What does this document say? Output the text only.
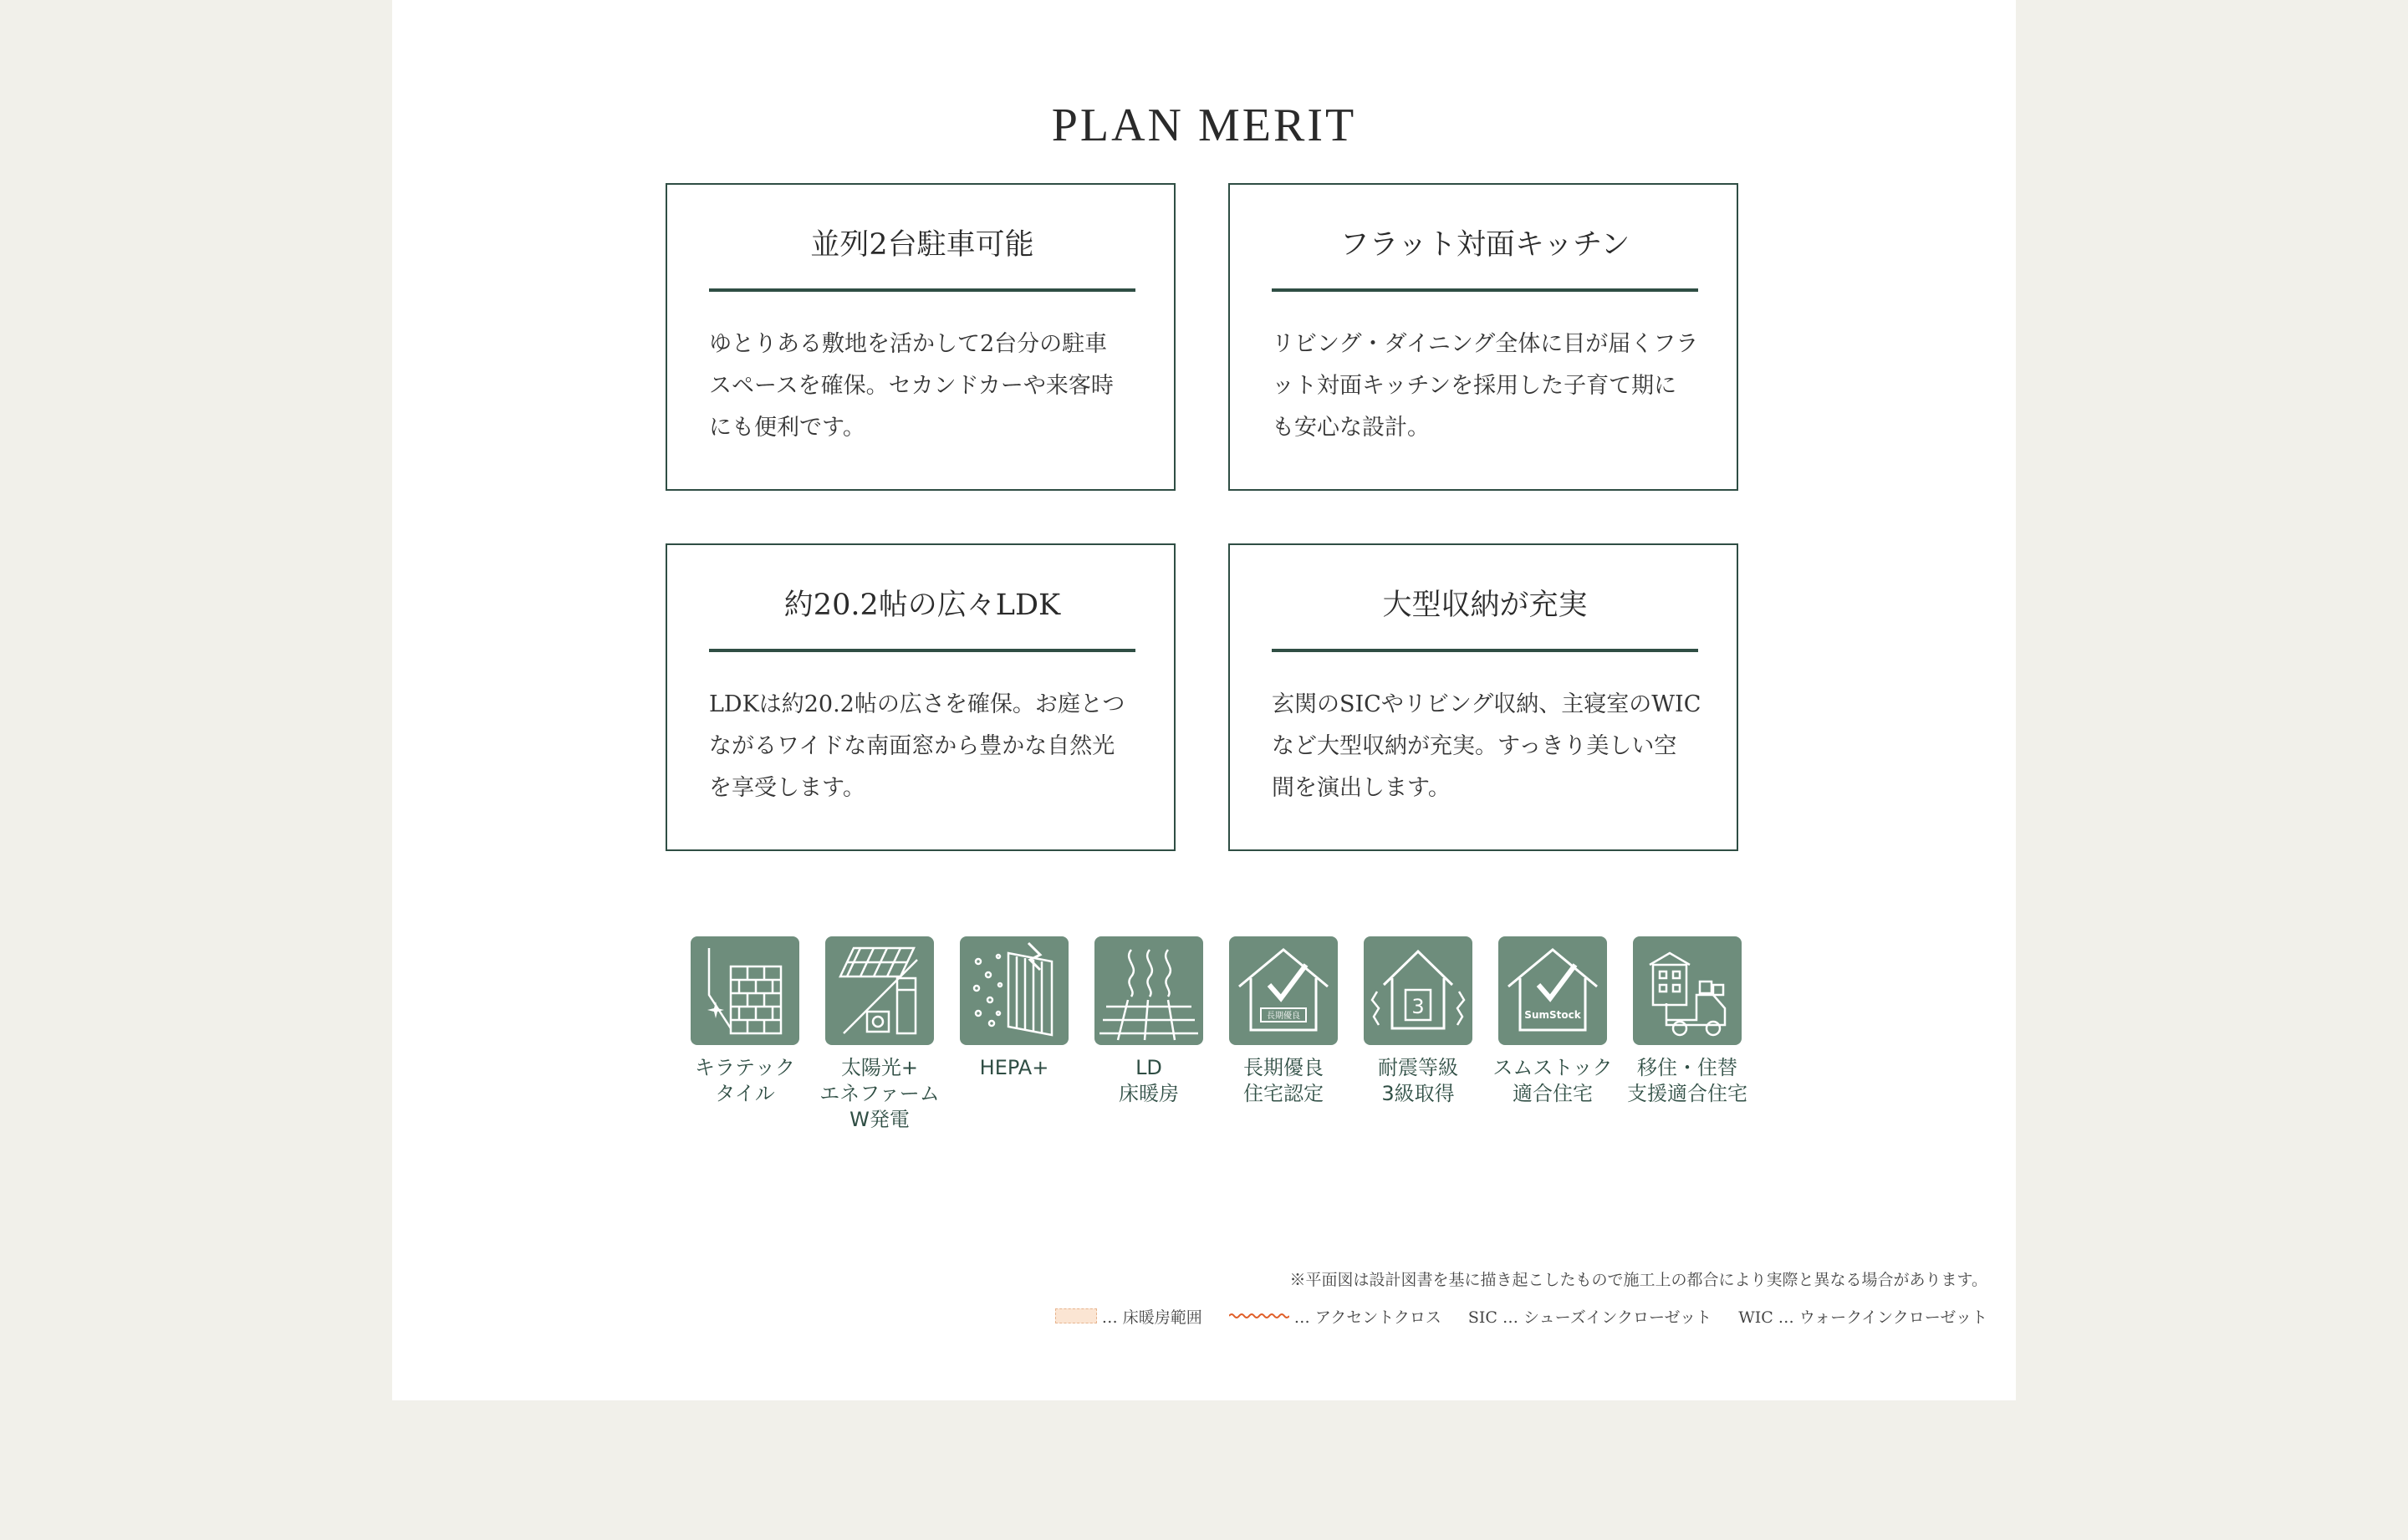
PLAN MERIT
並列2台駐車可能

ゆとりある敷地を活かして2台分の駐車
スペースを確保。セカンドカーや来客時
にも便利です。

フラット対面キッチン

リビング・ダイニング全体に目が届くフラ
ット対面キッチンを採用した子育て期に
も安心な設計。

約20.2帖の広々LDK

LDKは約20.2帖の広さを確保。お庭とつ
ながるワイドな南面窓から豊かな自然光
を享受します。

大型収納が充実

玄関のSICやリビング収納、主寝室のWIC
など大型収納が充実。すっきり美しい空
間を演出します。

キラテック
タイル
太陽光+
エネファーム
W発電
HEPA+	LD
床暖房
長期優良
長期優良
住宅認定
3
耐震等級
3級取得
SumStock
スムストック
適合住宅
移住・住替
支援適合住宅

※平面図は設計図書を基に描き起こしたもので施工上の都合により実際と異なる場合があります。

… 床暖房範囲	… アクセントクロス SIC … シューズインクローゼット WIC … ウォークインクローゼット
